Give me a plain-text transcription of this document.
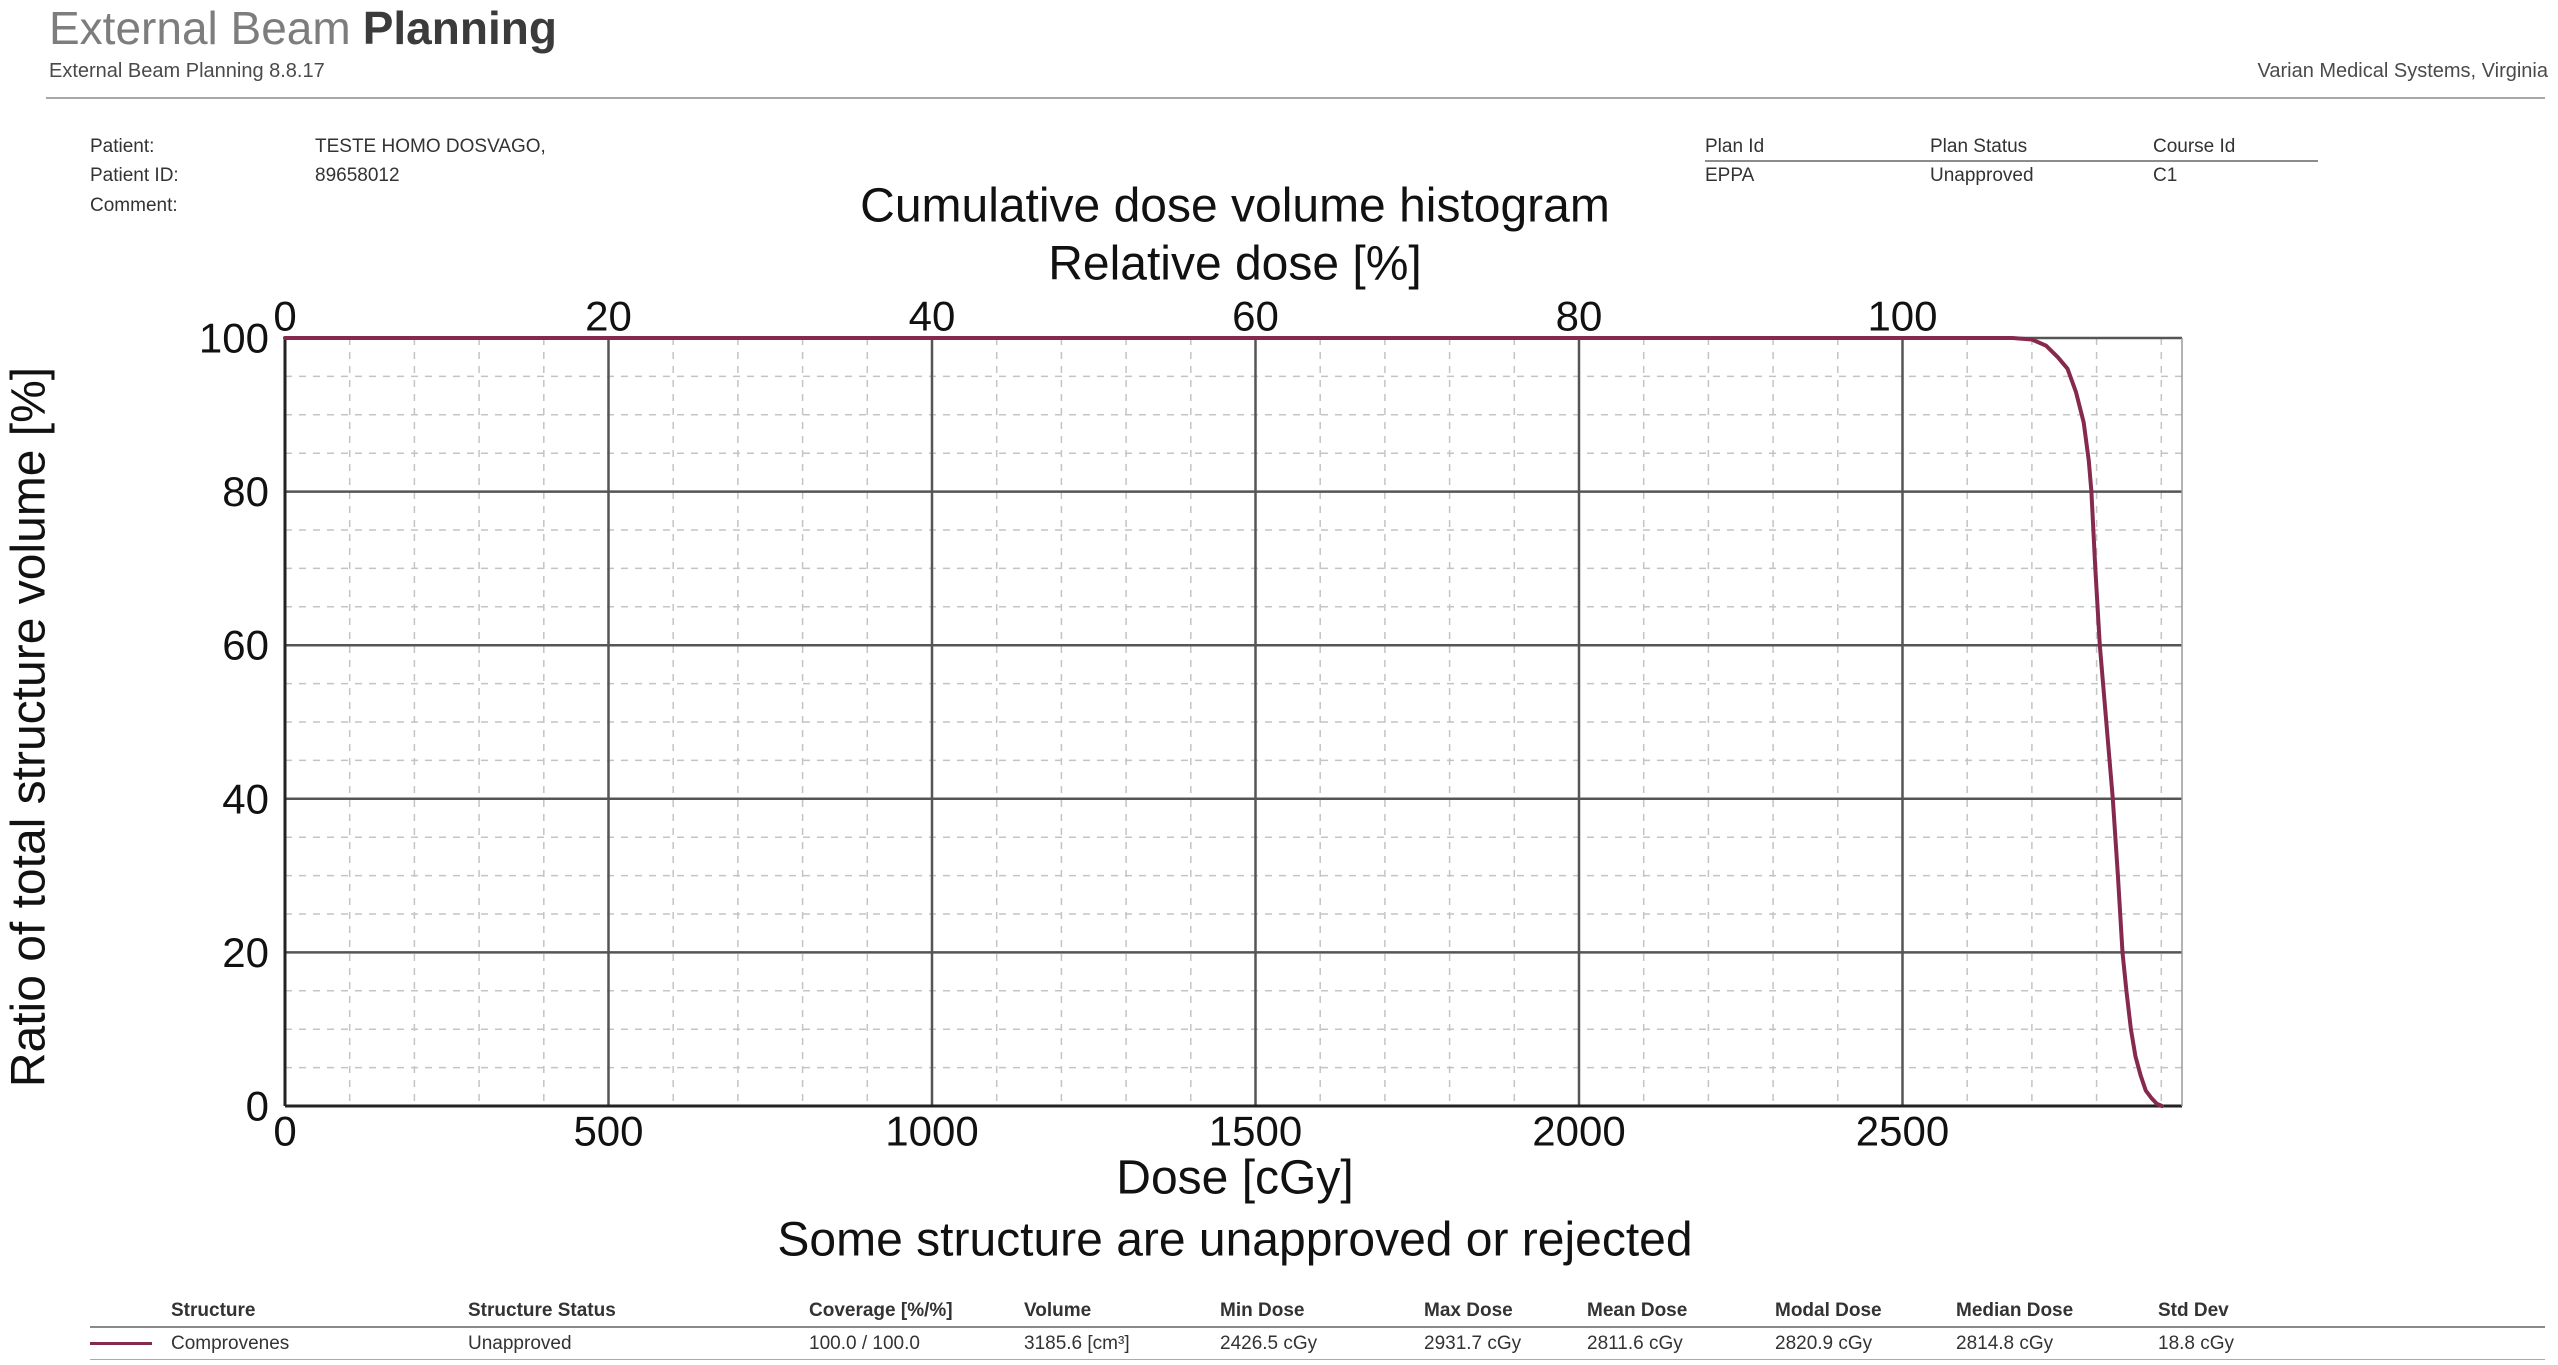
0
20
40
60
80
100
0	500	1000	1500	2000	2500
0	20	40	60	80	100
Cumulative dose volume histogram
Relative dose [%]
Dose [cGy]
Some structure are unapproved or rejected
Ratio of total structure volume [%]
External Beam Planning
External Beam Planning 8.8.17	Varian Medical Systems, Virginia
Patient:	TESTE HOMO DOSVAGO,
Patient ID:	89658012
Comment:
Plan Id	Plan Status	Course Id
EPPA	Unapproved	C1
Structure	Structure Status	Coverage [%/%]	Volume	Min Dose	Max Dose	Mean Dose	Modal Dose	Median Dose	Std Dev
Comprovenes	Unapproved	100.0 / 100.0	3185.6 [cm³]	2426.5 cGy	2931.7 cGy	2811.6 cGy	2820.9 cGy	2814.8 cGy	18.8 cGy
